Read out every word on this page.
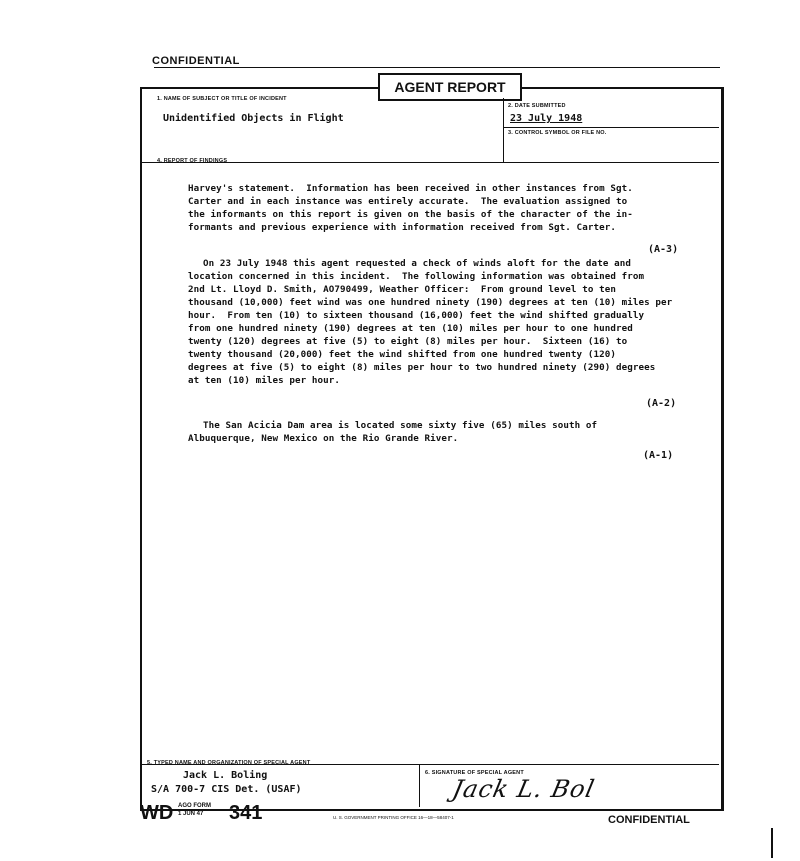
CONFIDENTIAL
AGENT REPORT
1. NAME OF SUBJECT OR TITLE OF INCIDENT
Unidentified Objects in Flight
2. DATE SUBMITTED
23 July 1948
3. CONTROL SYMBOL OR FILE NO.
4. REPORT OF FINDINGS
Harvey's statement.  Information has been received in other instances from Sgt.
Carter and in each instance was entirely accurate.  The evaluation assigned to
the informants on this report is given on the basis of the character of the in-
formants and previous experience with information received from Sgt. Carter.
(A-3)
On 23 July 1948 this agent requested a check of winds aloft for the date and
location concerned in this incident.  The following information was obtained from
2nd Lt. Lloyd D. Smith, AO790499, Weather Officer:  From ground level to ten
thousand (10,000) feet wind was one hundred ninety (190) degrees at ten (10) miles per
hour.  From ten (10) to sixteen thousand (16,000) feet the wind shifted gradually
from one hundred ninety (190) degrees at ten (10) miles per hour to one hundred
twenty (120) degrees at five (5) to eight (8) miles per hour.  Sixteen (16) to
twenty thousand (20,000) feet the wind shifted from one hundred twenty (120)
degrees at five (5) to eight (8) miles per hour to two hundred ninety (290) degrees
at ten (10) miles per hour.
(A-2)
The San Acicia Dam area is located some sixty five (65) miles south of
Albuquerque, New Mexico on the Rio Grande River.
(A-1)
5. TYPED NAME AND ORGANIZATION OF SPECIAL AGENT
Jack L. Boling
S/A 700-7 CIS Det. (USAF)
6. SIGNATURE OF SPECIAL AGENT
Jack L. Bol
WD AGO FORM
1 JUN 47 341	U. S. GOVERNMENT PRINTING OFFICE 16—18—58407-1	CONFIDENTIAL
